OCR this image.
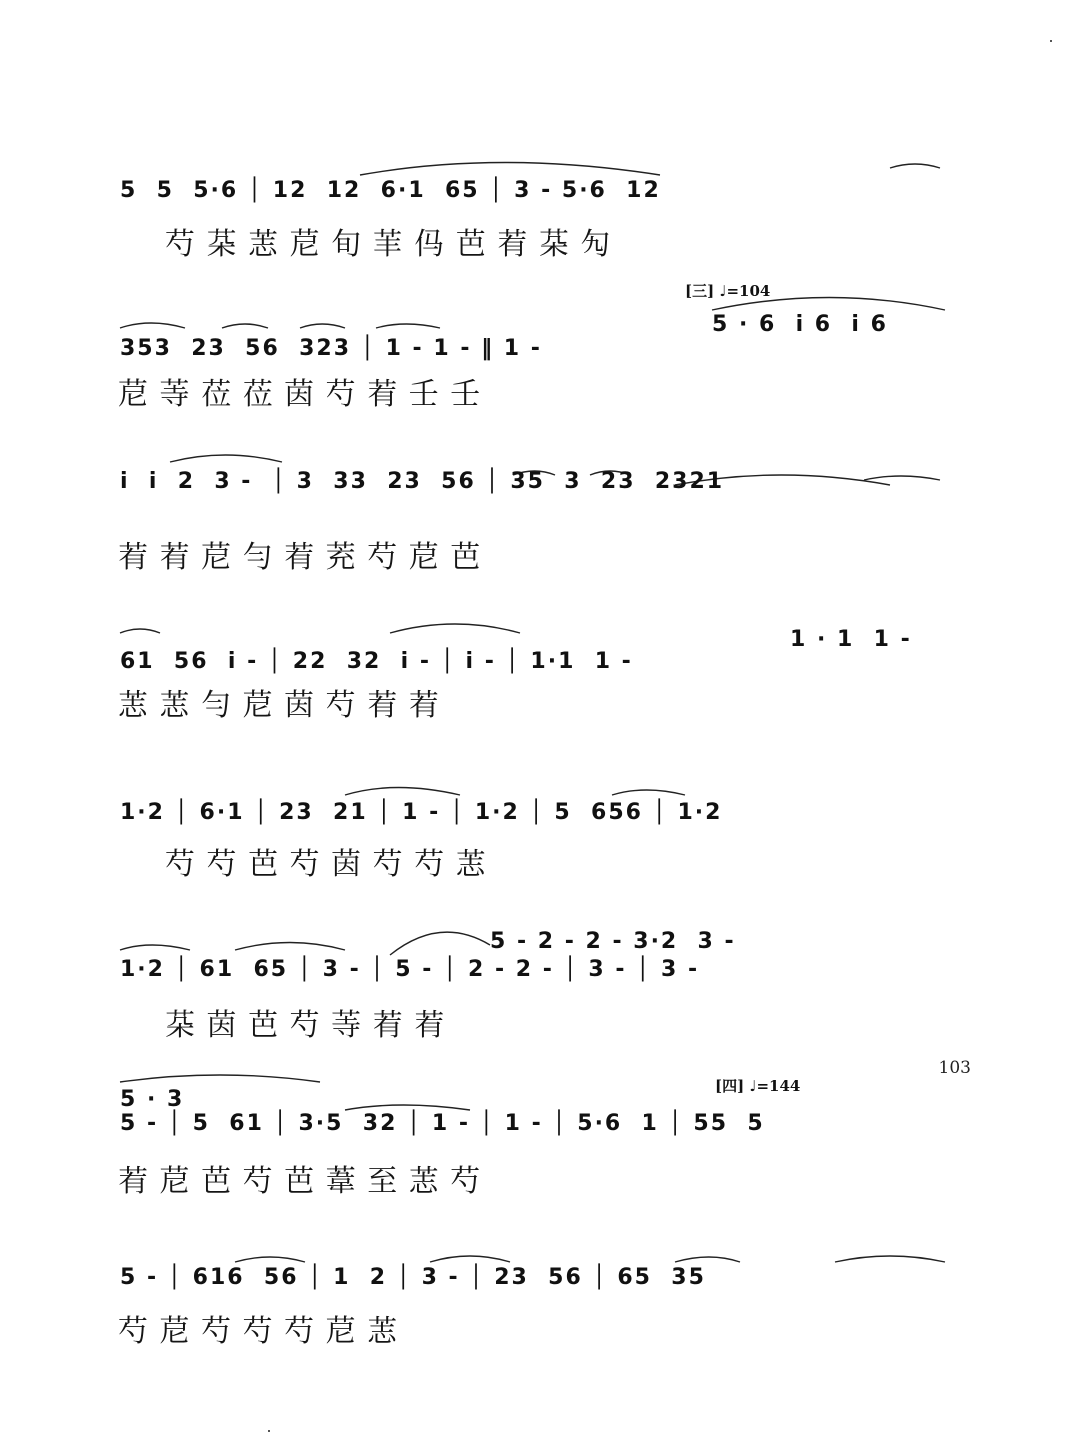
5  5  5·6 │ 12  12  6·1  65 │ 3 - 5·6  12
芍 䒳 䓌 苨 旬 䒠 㐷 芭 䒴 䒳 勼
[三] ♩=104
5 · 6  i 6  i 6
353  23  56  323 │ 1 - 1 - ‖ 1 -
苨 䓁 莅 莅 茵 芍 䒴 壬 壬
i  i  2  3 -  │ 3  33  23  56 │ 35  3  23  2321
䒴 䒴 苨 勻 䒴 茺 芍 苨 芭
1 · 1  1 -
61  56  i - │ 22  32  i - │ i - │ 1·1  1 -
䓌 䓌 勻 苨 茵 芍 䒴 䒴
1·2 │ 6·1 │ 23  21 │ 1 - │ 1·2 │ 5  656 │ 1·2
芍 芍 芭 芍 茵 芍 芍 䓌
5 - 2 - 2 - 3·2  3 -
1·2 │ 61  65 │ 3 - │ 5 - │ 2 - 2 - │ 3 - │ 3 -
䒳 茵 芭 芍 䓁 䒴 䒴
[四] ♩=144
5 · 3
5 - │ 5  61 │ 3·5  32 │ 1 - │ 1 - │ 5·6  1 │ 55  5
䒴 苨 芭 芍 芭 葦 至 䓌 芍
5 - │ 616  56 │ 1  2 │ 3 - │ 23  56 │ 65  35
芍 苨 芍 芍 芍 苨 䓌
103
